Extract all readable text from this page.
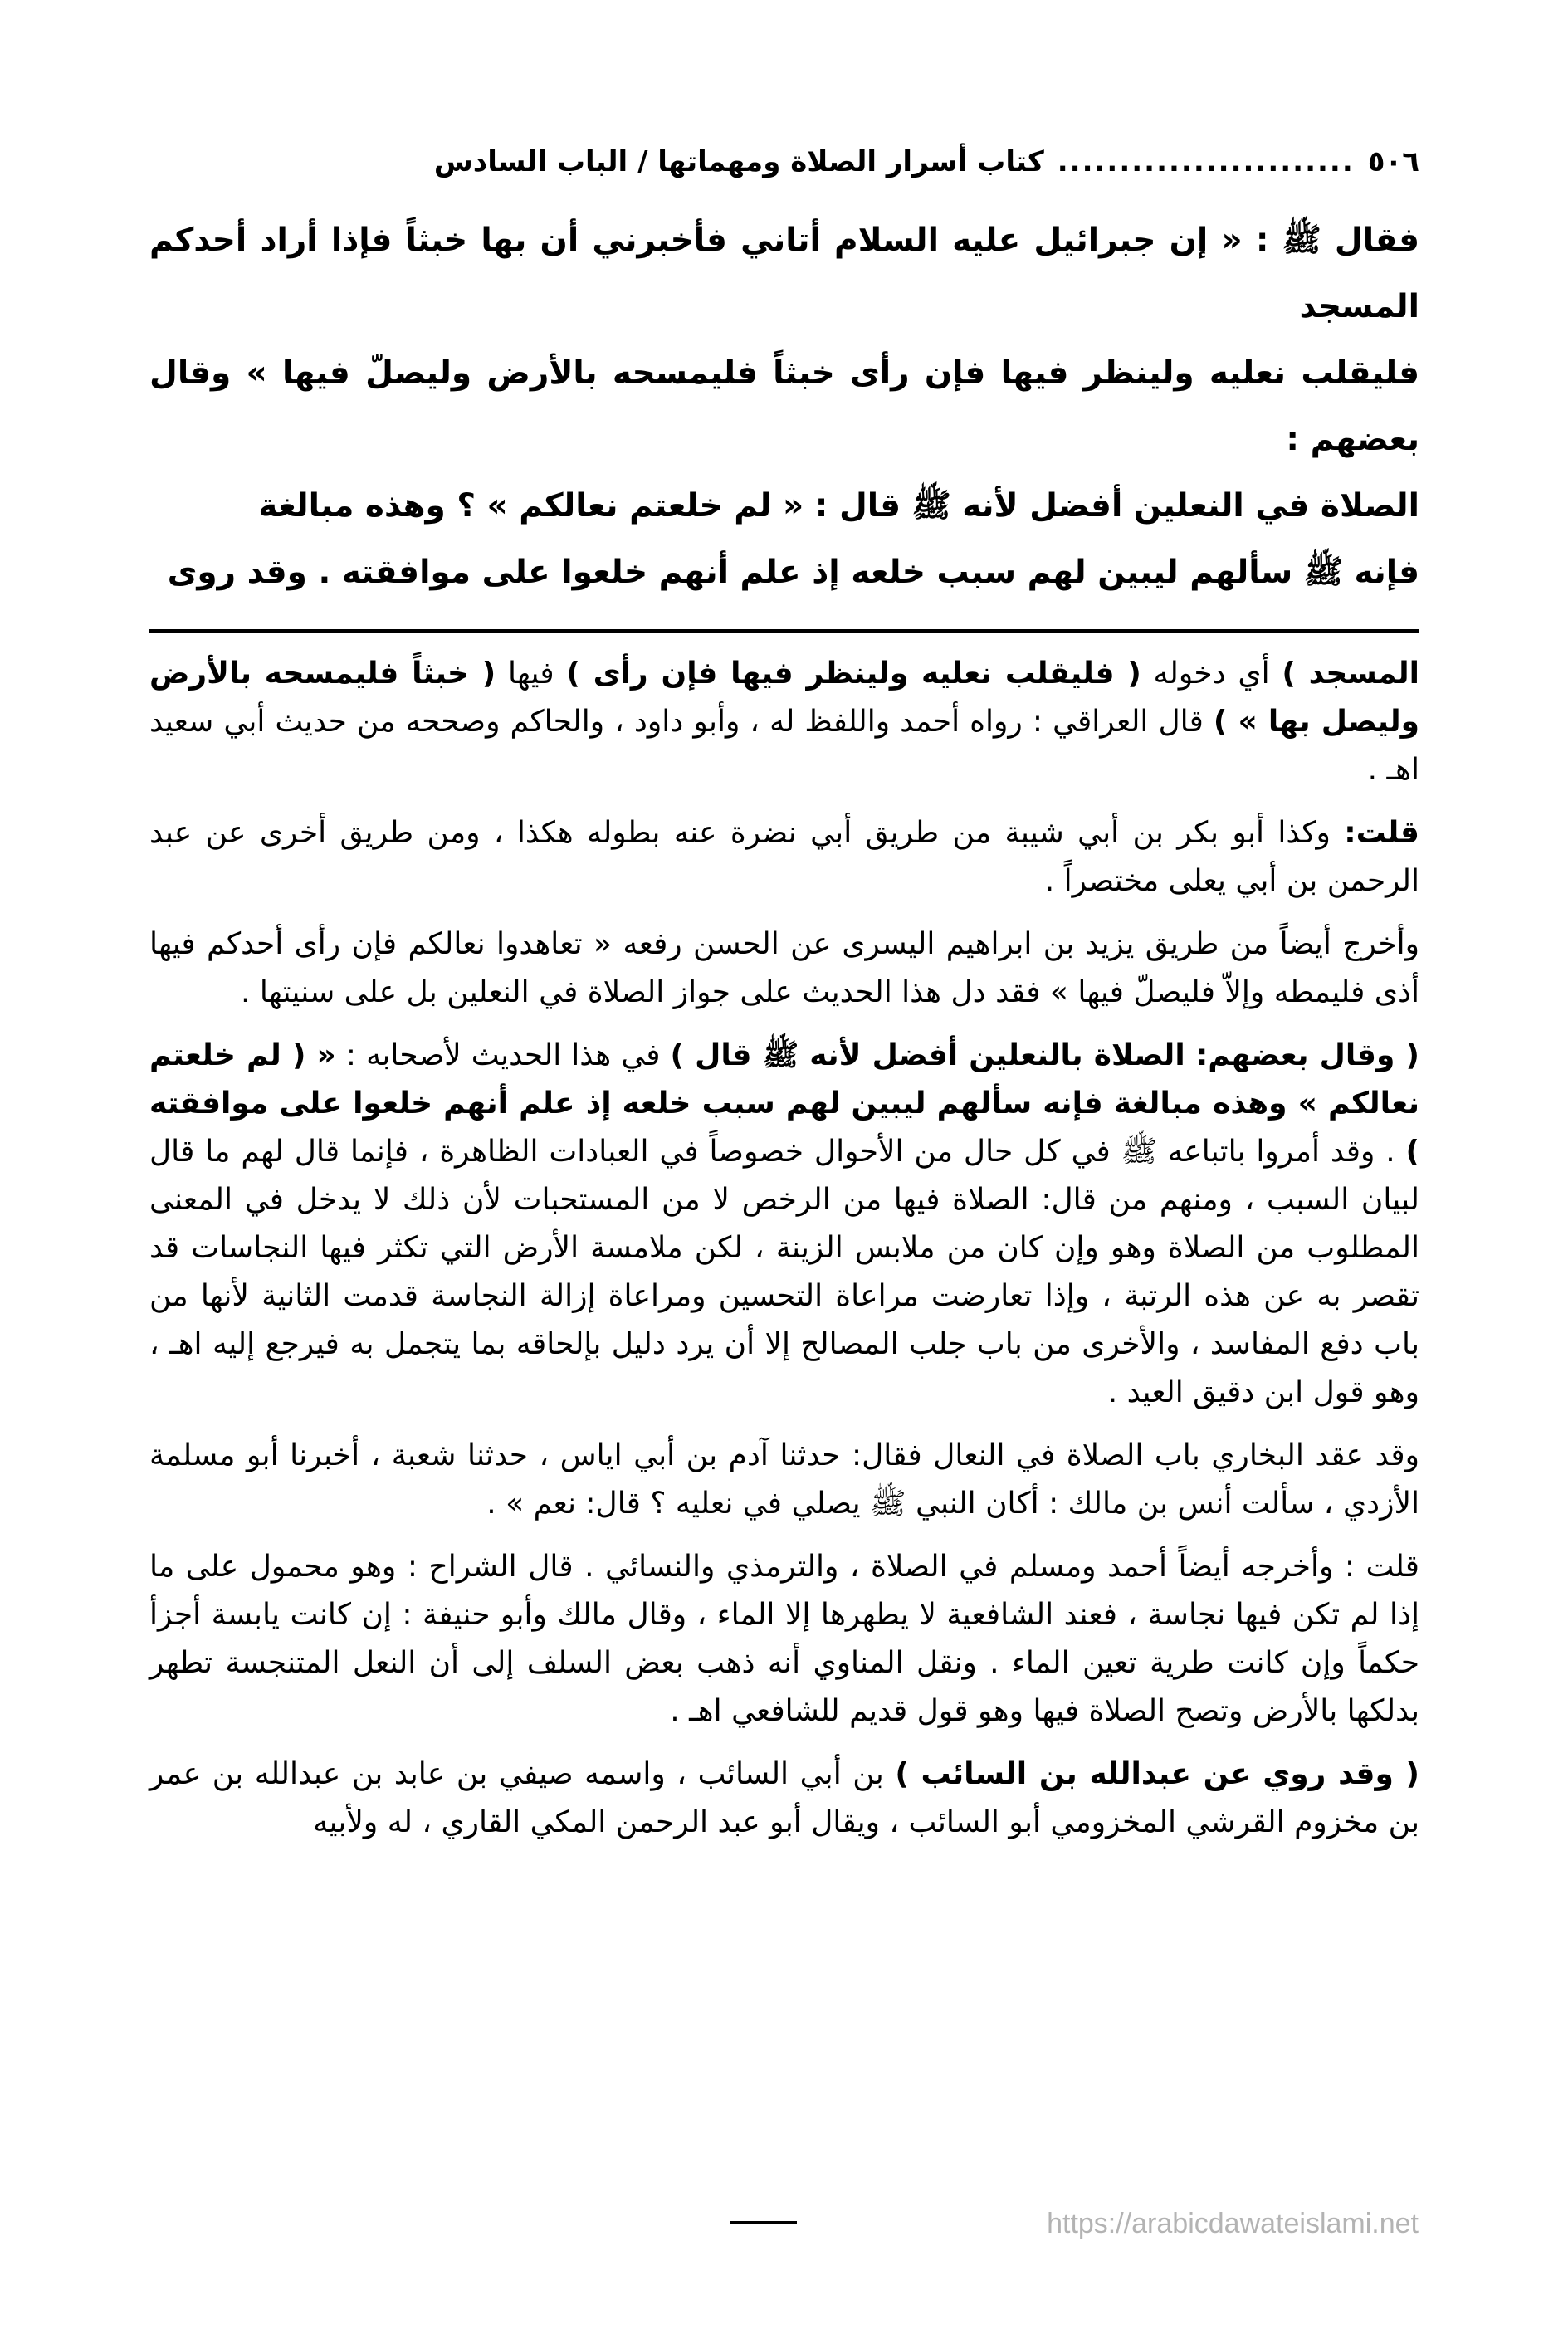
٥٠٦
........................
كتاب أسرار الصلاة ومهماتها / الباب السادس

فقال ﷺ : « إن جبرائيل عليه السلام أتاني فأخبرني أن بها خبثاً فإذا أراد أحدكم المسجد

فليقلب نعليه ولينظر فيها فإن رأى خبثاً فليمسحه بالأرض وليصلّ فيها » وقال بعضهم :

الصلاة في النعلين أفضل لأنه ﷺ قال : « لم خلعتم نعالكم » ؟ وهذه مبالغة

فإنه ﷺ سألهم ليبين لهم سبب خلعه إذ علم أنهم خلعوا على موافقته . وقد روى

المسجد ) أي دخوله ( فليقلب نعليه ولينظر فيها فإن رأى ) فيها ( خبثاً فليمسحه بالأرض وليصل بها » ) قال العراقي : رواه أحمد واللفظ له ، وأبو داود ، والحاكم وصححه من حديث أبي سعيد اهـ .

قلت: وكذا أبو بكر بن أبي شيبة من طريق أبي نضرة عنه بطوله هكذا ، ومن طريق أخرى عن عبد الرحمن بن أبي يعلى مختصراً .

وأخرج أيضاً من طريق يزيد بن ابراهيم اليسرى عن الحسن رفعه « تعاهدوا نعالكم فإن رأى أحدكم فيها أذى فليمطه وإلاّ فليصلّ فيها » فقد دل هذا الحديث على جواز الصلاة في النعلين بل على سنيتها .

( وقال بعضهم: الصلاة بالنعلين أفضل لأنه ﷺ قال ) في هذا الحديث لأصحابه : « ( لم خلعتم نعالكم » وهذه مبالغة فإنه سألهم ليبين لهم سبب خلعه إذ علم أنهم خلعوا على موافقته ) . وقد أمروا باتباعه ﷺ في كل حال من الأحوال خصوصاً في العبادات الظاهرة ، فإنما قال لهم ما قال لبيان السبب ، ومنهم من قال: الصلاة فيها من الرخص لا من المستحبات لأن ذلك لا يدخل في المعنى المطلوب من الصلاة وهو وإن كان من ملابس الزينة ، لكن ملامسة الأرض التي تكثر فيها النجاسات قد تقصر به عن هذه الرتبة ، وإذا تعارضت مراعاة التحسين ومراعاة إزالة النجاسة قدمت الثانية لأنها من باب دفع المفاسد ، والأخرى من باب جلب المصالح إلا أن يرد دليل بإلحاقه بما يتجمل به فيرجع إليه اهـ ، وهو قول ابن دقيق العيد .

وقد عقد البخاري باب الصلاة في النعال فقال: حدثنا آدم بن أبي اياس ، حدثنا شعبة ، أخبرنا أبو مسلمة الأزدي ، سألت أنس بن مالك : أكان النبي ﷺ يصلي في نعليه ؟ قال: نعم » .

قلت : وأخرجه أيضاً أحمد ومسلم في الصلاة ، والترمذي والنسائي . قال الشراح : وهو محمول على ما إذا لم تكن فيها نجاسة ، فعند الشافعية لا يطهرها إلا الماء ، وقال مالك وأبو حنيفة : إن كانت يابسة أجزأ حكماً وإن كانت طرية تعين الماء . ونقل المناوي أنه ذهب بعض السلف إلى أن النعل المتنجسة تطهر بدلكها بالأرض وتصح الصلاة فيها وهو قول قديم للشافعي اهـ .

( وقد روي عن عبدالله بن السائب ) بن أبي السائب ، واسمه صيفي بن عابد بن عبدالله بن عمر بن مخزوم القرشي المخزومي أبو السائب ، ويقال أبو عبد الرحمن المكي القاري ، له ولأبيه

https://arabicdawateislami.net
